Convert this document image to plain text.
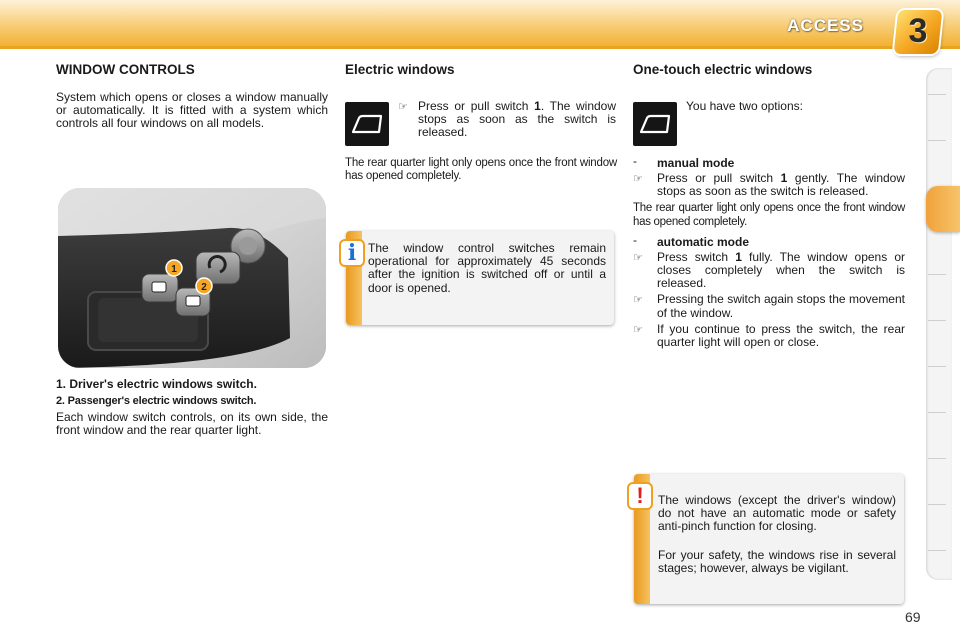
ACCESS	3
WINDOW CONTROLS

System which opens or closes a window manually or automatically. It is fitted with a system which controls all four windows on all models.

1
2
1. Driver's electric windows switch.
2. Passenger's electric windows switch.

Each window switch controls, on its own side, the front window and the rear quarter light.

Electric windows
☞ Press or pull switch 1. The window stops as soon as the switch is released.

The rear quarter light only opens once the front window has opened completely.

The window control switches remain operational for approximately 45 seconds after the ignition is switched off or until a door is opened.

i
One-touch electric windows

You have two options:

- manual mode
☞	Press or pull switch 1 gently. The window stops as soon as the switch is released.

The rear quarter light only opens once the front window has opened completely.

- automatic mode
☞	Press switch 1 fully. The window opens or closes completely when the switch is released.

☞	Pressing the switch again stops the movement of the window.

☞	If you continue to press the switch, the rear quarter light will open or close.

The windows (except the driver's window) do not have an automatic mode or safety anti-pinch function for closing.

For your safety, the windows rise in several stages; however, always be vigilant.

!
69
